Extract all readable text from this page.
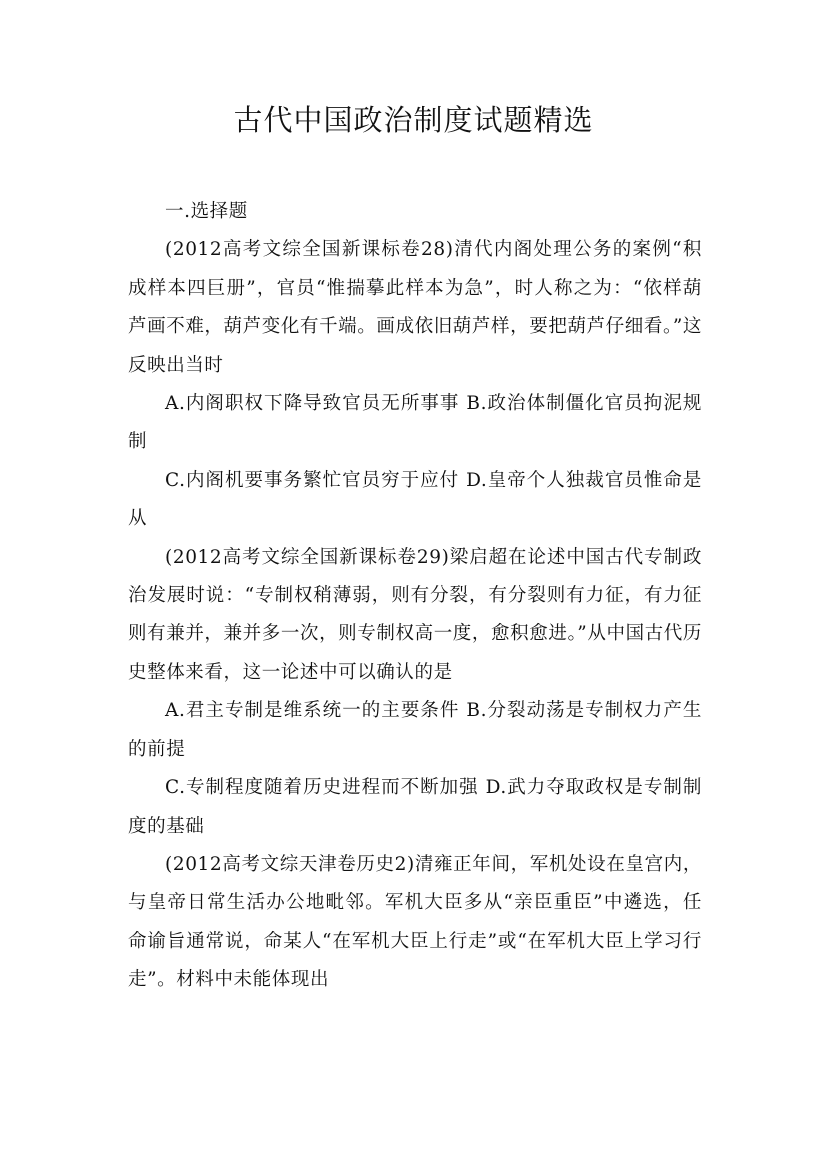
古代中国政治制度试题精选

一.选择题

(2012高考文综全国新课标卷28)清代内阁处理公务的案例“积成样本四巨册”，官员“惟揣摹此样本为急”，时人称之为：“依样葫芦画不难，葫芦变化有千端。画成依旧葫芦样，要把葫芦仔细看。”这反映出当时

A.内阁职权下降导致官员无所事事 B.政治体制僵化官员拘泥规制

C.内阁机要事务繁忙官员穷于应付 D.皇帝个人独裁官员惟命是从

(2012高考文综全国新课标卷29)梁启超在论述中国古代专制政治发展时说：“专制权稍薄弱，则有分裂，有分裂则有力征，有力征则有兼并，兼并多一次，则专制权高一度，愈积愈进。”从中国古代历史整体来看，这一论述中可以确认的是

A.君主专制是维系统一的主要条件 B.分裂动荡是专制权力产生的前提

C.专制程度随着历史进程而不断加强 D.武力夺取政权是专制制度的基础

(2012高考文综天津卷历史2)清雍正年间，军机处设在皇宫内，与皇帝日常生活办公地毗邻。军机大臣多从“亲臣重臣”中遴选，任命谕旨通常说，命某人“在军机大臣上行走”或“在军机大臣上学习行走”。材料中未能体现出
